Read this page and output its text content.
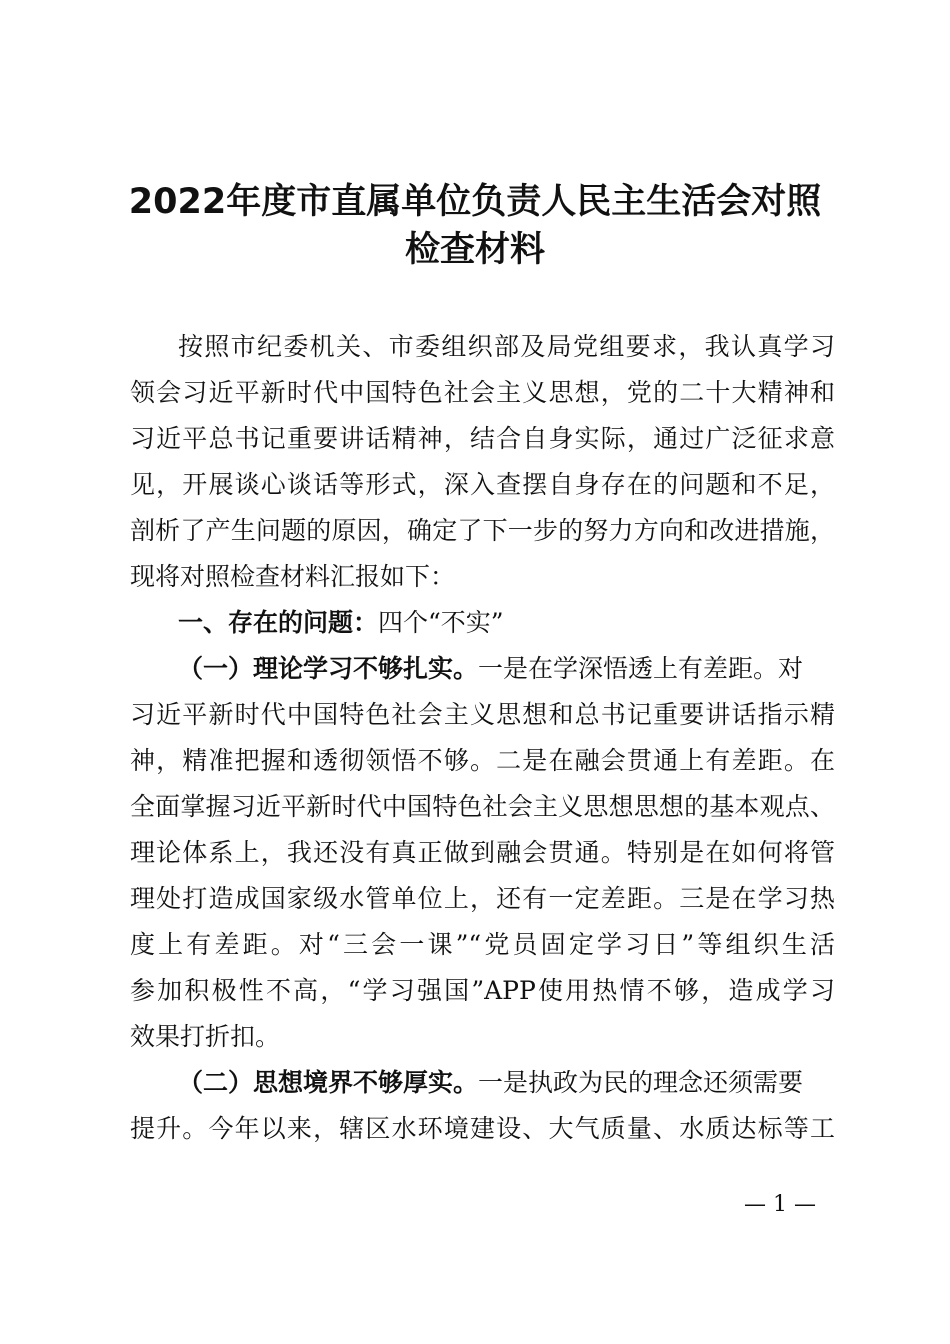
2022年度市直属单位负责人民主生活会对照
检查材料
按照市纪委机关、市委组织部及局党组要求，我认真学习
领会习近平新时代中国特色社会主义思想，党的二十大精神和
习近平总书记重要讲话精神，结合自身实际，通过广泛征求意
见，开展谈心谈话等形式，深入查摆自身存在的问题和不足，
剖析了产生问题的原因，确定了下一步的努力方向和改进措施，
现将对照检查材料汇报如下：
一、存在的问题：四个“不实”
（一）理论学习不够扎实。一是在学深悟透上有差距。对
习近平新时代中国特色社会主义思想和总书记重要讲话指示精
神，精准把握和透彻领悟不够。二是在融会贯通上有差距。在
全面掌握习近平新时代中国特色社会主义思想思想的基本观点、
理论体系上，我还没有真正做到融会贯通。特别是在如何将管
理处打造成国家级水管单位上，还有一定差距。三是在学习热
度上有差距。对“三会一课”“党员固定学习日”等组织生活
参加积极性不高，“学习强国”APP使用热情不够，造成学习
效果打折扣。
（二）思想境界不够厚实。一是执政为民的理念还须需要
提升。今年以来，辖区水环境建设、大气质量、水质达标等工
— 1 —
